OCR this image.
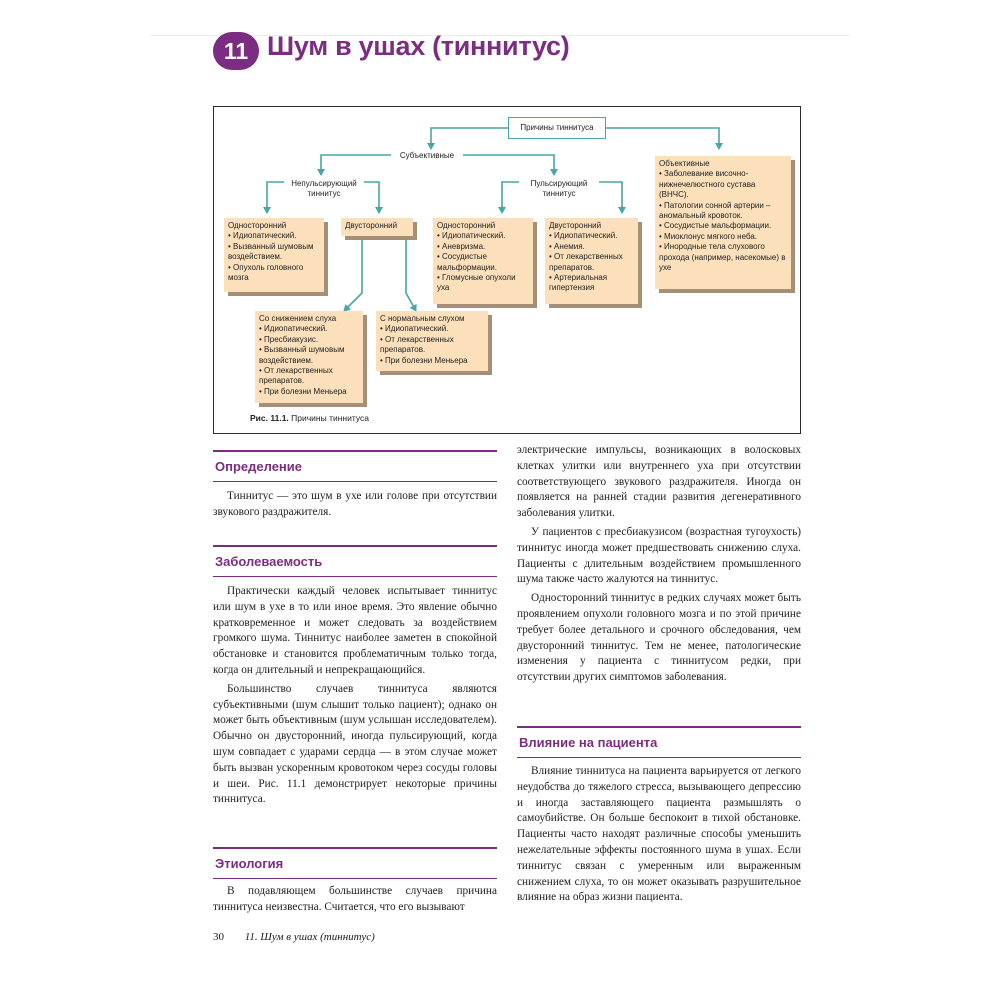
11 Шум в ушах (тиннитус)
Причины тиннитуса
Субъективные
Непульсирующий тиннитус
Пульсирующий тиннитус
Односторонний
• Идиопатический.
• Вызванный шумовым воздействием.
• Опухоль головного мозга
Двусторонний	Односторонний
• Идиопатический.
• Аневризма.
• Сосудистые мальформации.
• Гломусные опухоли уха
Двусторонний
• Идиопатический.
• Анемия.
• От лекарственных препаратов.
• Артериальная гипертензия
Объективные
• Заболевание височно-нижнечелюстного сустава (ВНЧС).
• Патологии сонной артерии – аномальный кровоток.
• Сосудистые мальформации.
• Миоклонус мягкого неба.
• Инородные тела слухового прохода (например, насекомые) в ухе
Со снижением слуха
• Идиопатический.
• Пресбиакузис.
• Вызванный шумовым воздействием.
• От лекарственных препаратов.
• При болезни Меньера
С нормальным слухом
• Идиопатический.
• От лекарственных препаратов.
• При болезни Меньера
Рис. 11.1. Причины тиннитуса
Определение

Тиннитус — это шум в ухе или голове при отсутствии звукового раздражителя.

Заболеваемость

Практически каждый человек испытывает тиннитус или шум в ухе в то или иное время. Это явление обычно кратковременное и может следовать за воздействием громкого шума. Тиннитус наиболее заметен в спокойной обстановке и становится проблематичным только тогда, когда он длительный и непрекращающийся.

Большинство случаев тиннитуса являются субъективными (шум слышит только пациент); однако он может быть объективным (шум услышан исследователем). Обычно он двусторонний, иногда пульсирующий, когда шум совпадает с ударами сердца — в этом случае может быть вызван ускоренным кровотоком через сосуды головы и шеи. Рис. 11.1 демонстрирует некоторые причины тиннитуса.

Этиология

В подавляющем большинстве случаев причина тиннитуса неизвестна. Считается, что его вызывают

электрические импульсы, возникающих в волосковых клетках улитки или внутреннего уха при отсутствии соответствующего звукового раздражителя. Иногда он появляется на ранней стадии развития дегенеративного заболевания улитки.

У пациентов с пресбиакузисом (возрастная тугоухость) тиннитус иногда может предшествовать снижению слуха. Пациенты с длительным воздействием промышленного шума также часто жалуются на тиннитус.

Односторонний тиннитус в редких случаях может быть проявлением опухоли головного мозга и по этой причине требует более детального и срочного обследования, чем двусторонний тиннитус. Тем не менее, патологические изменения у пациента с тиннитусом редки, при отсутствии других симптомов заболевания.

Влияние на пациента

Влияние тиннитуса на пациента варьируется от легкого неудобства до тяжелого стресса, вызывающего депрессию и иногда заставляющего пациента размышлять о самоубийстве. Он больше беспокоит в тихой обстановке. Пациенты часто находят различные способы уменьшить нежелательные эффекты постоянного шума в ушах. Если тиннитус связан с умеренным или выраженным снижением слуха, то он может оказывать разрушительное влияние на образ жизни пациента.

30 11. Шум в ушах (тиннитус)
